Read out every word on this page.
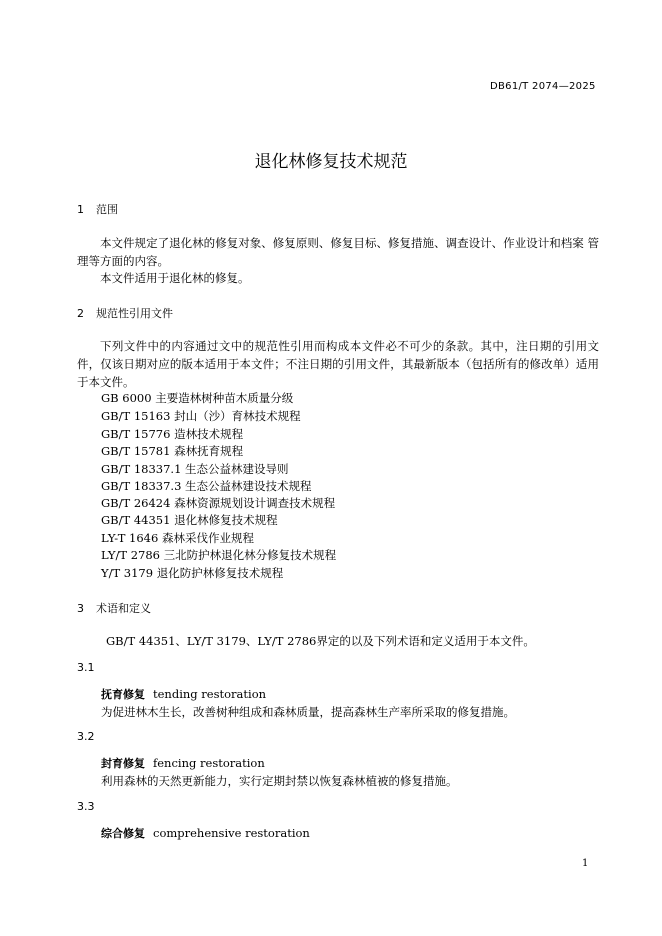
DB61/T 2074—2025
退化林修复技术规范
1 范围
本文件规定了退化林的修复对象、修复原则、修复目标、修复措施、调查设计、作业设计和档案 管理等方面的内容。
本文件适用于退化林的修复。
2 规范性引用文件
下列文件中的内容通过文中的规范性引用而构成本文件必不可少的条款。其中，注日期的引用文件，仅该日期对应的版本适用于本文件；不注日期的引用文件，其最新版本（包括所有的修改单）适用于本文件。
GB 6000 主要造林树种苗木质量分级
GB/T 15163 封山（沙）育林技术规程
GB/T 15776 造林技术规程
GB/T 15781 森林抚育规程
GB/T 18337.1 生态公益林建设导则
GB/T 18337.3 生态公益林建设技术规程
GB/T 26424 森林资源规划设计调查技术规程
GB/T 44351 退化林修复技术规程
LY-T 1646 森林采伐作业规程
LY/T 2786 三北防护林退化林分修复技术规程
Y/T 3179 退化防护林修复技术规程
3 术语和定义
GB/T 44351、LY/T 3179、LY/T 2786界定的以及下列术语和定义适用于本文件。
3.1
抚育修复 tending restoration
为促进林木生长，改善树种组成和森林质量，提高森林生产率所采取的修复措施。
3.2
封育修复 fencing restoration
利用森林的天然更新能力，实行定期封禁以恢复森林植被的修复措施。
3.3
综合修复 comprehensive restoration
1
